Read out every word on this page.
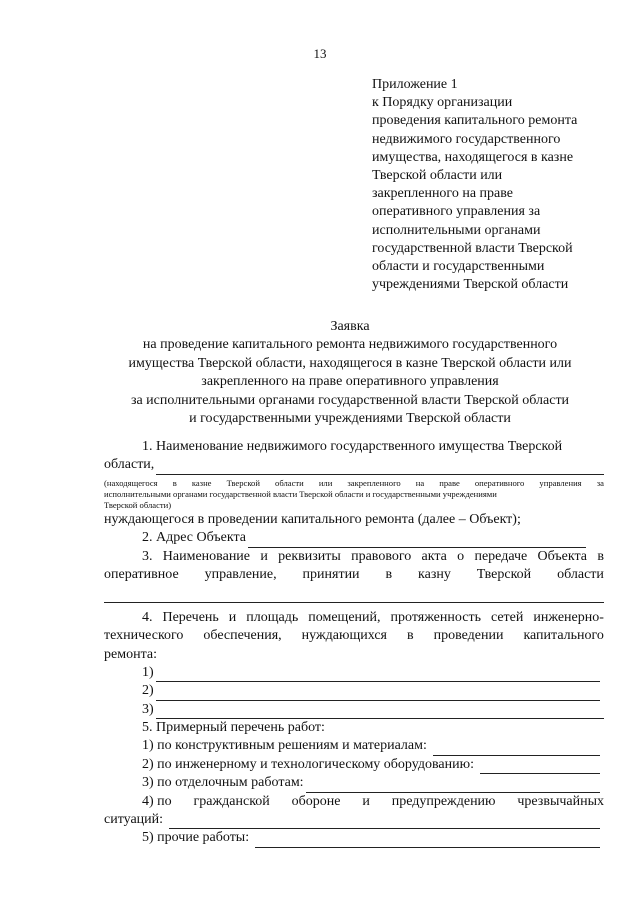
13
Приложение 1
к Порядку организации
проведения капитального ремонта
недвижимого государственного
имущества, находящегося в казне
Тверской области или
закрепленного на праве
оперативного управления за
исполнительными органами
государственной власти Тверской
области и государственными
учреждениями Тверской области
Заявка
на проведение капитального ремонта недвижимого государственного
имущества Тверской области, находящегося в казне Тверской области или
закрепленного на праве оперативного управления
за исполнительными органами государственной власти Тверской области
и государственными учреждениями Тверской области
1. Наименование недвижимого государственного имущества Тверской
области,
(находящегося в казне Тверской области или закрепленного на праве оперативного управления за
исполнительными органами государственной власти Тверской области и государственными учреждениями
Тверской области)
нуждающегося в проведении капитального ремонта (далее – Объект);
2. Адрес Объекта
3. Наименование и реквизиты правового акта о передаче Объекта в
оперативное управление, принятии в казну Тверской области
4. Перечень и площадь помещений, протяженность сетей инженерно-
технического обеспечения, нуждающихся в проведении капитального
ремонта:
1)
2)
3)
5. Примерный перечень работ:
1) по конструктивным решениям и материалам:
2) по инженерному и технологическому оборудованию:
3) по отделочным работам:
4) по гражданской обороне и предупреждению чрезвычайных
ситуаций:
5) прочие работы:
